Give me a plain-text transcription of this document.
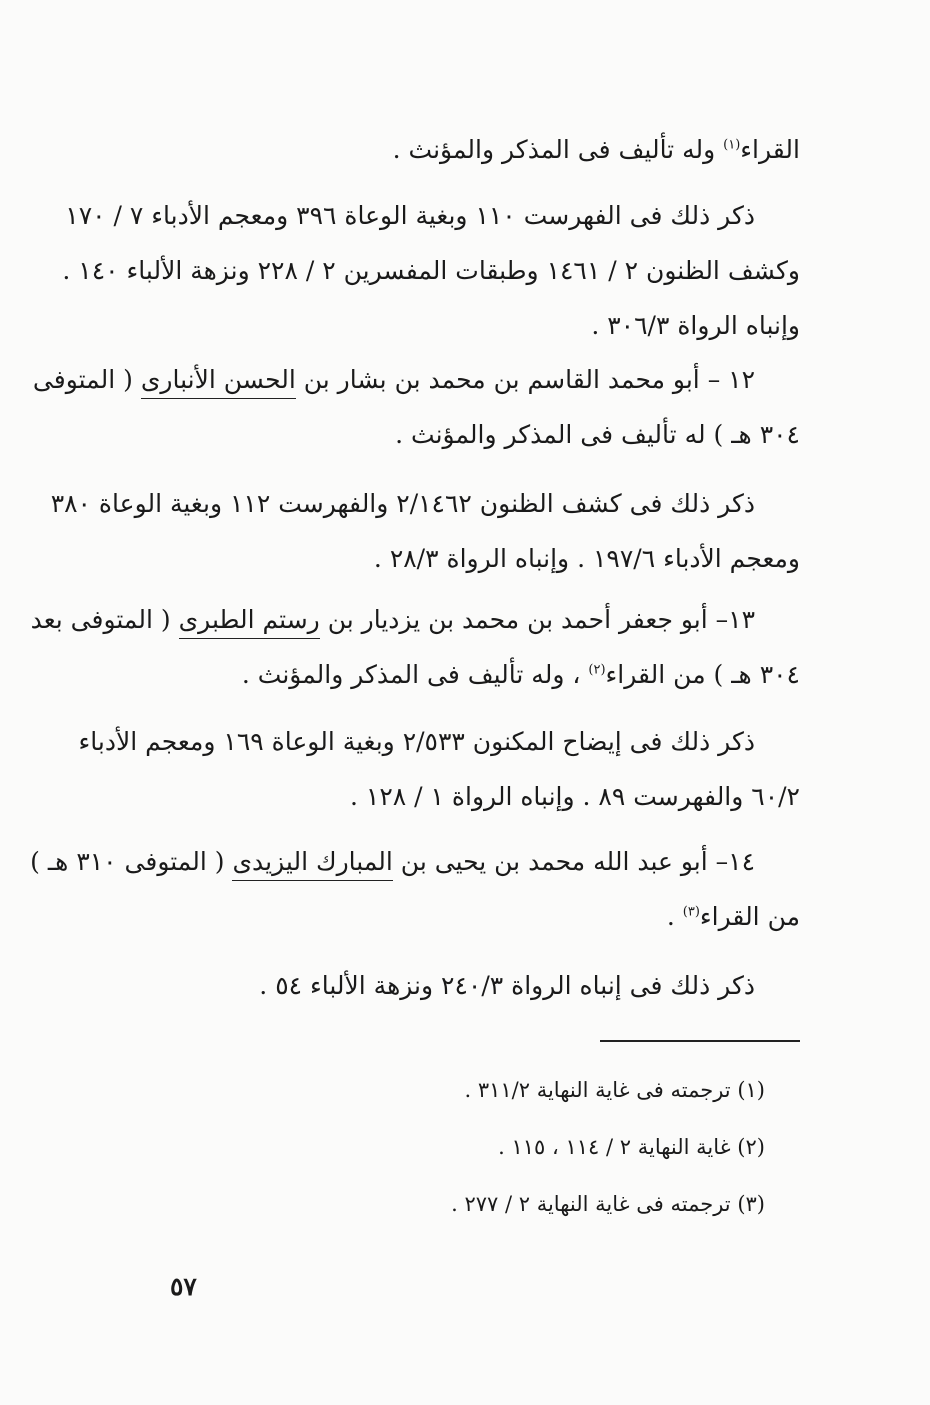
القراء$^{(١)}$ وله تأليف فى المذكر والمؤنث .
ذكر ذلك فى الفهرست ١١٠ وبغية الوعاة ٣٩٦ ومعجم الأدباء ٧ / ١٧٠
وكشف الظنون ٢ / ١٤٦١ وطبقات المفسرين ٢ / ٢٢٨ ونزهة الألباء ١٤٠ .
وإنباه الرواة ٣٠٦/٣ .
١٢ – أبو محمد القاسم بن محمد بن بشار بن الحسن الأنبارى ( المتوفى
٣٠٤ هـ ) له تأليف فى المذكر والمؤنث .
ذكر ذلك فى كشف الظنون ٢/١٤٦٢ والفهرست ١١٢ وبغية الوعاة ٣٨٠
ومعجم الأدباء ١٩٧/٦ . وإنباه الرواة ٢٨/٣ .
١٣– أبو جعفر أحمد بن محمد بن يزديار بن رستم الطبرى ( المتوفى بعد
٣٠٤ هـ ) من القراء$^{(٢)}$ ، وله تأليف فى المذكر والمؤنث .
ذكر ذلك فى إيضاح المكنون ٢/٥٣٣ وبغية الوعاة ١٦٩ ومعجم الأدباء
٦٠/٢ والفهرست ٨٩ . وإنباه الرواة ١ / ١٢٨ .
١٤– أبو عبد الله محمد بن يحيى بن المبارك اليزيدى ( المتوفى ٣١٠ هـ )
من القراء$^{(٣)}$ .
ذكر ذلك فى إنباه الرواة ٢٤٠/٣ ونزهة الألباء ٥٤ .
(١) ترجمته فى غاية النهاية ٣١١/٢ .
(٢) غاية النهاية ٢ / ١١٤ ، ١١٥ .
(٣) ترجمته فى غاية النهاية ٢ / ٢٧٧ .
٥٧
